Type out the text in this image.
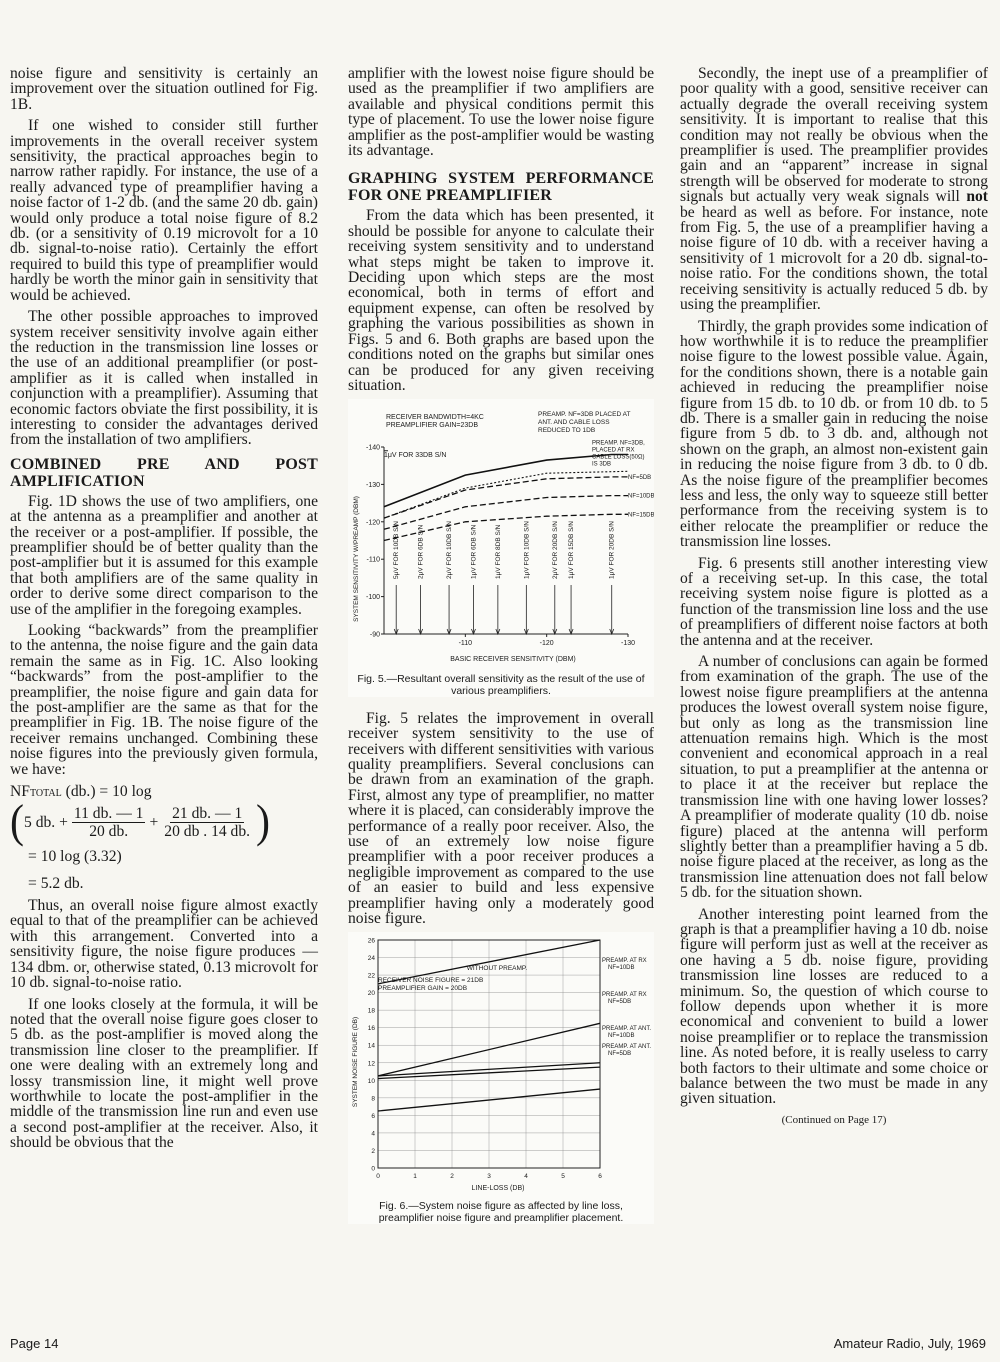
noise figure and sensitivity is certainly an improvement over the situation outlined for Fig. 1B.

If one wished to consider still further improvements in the overall receiver system sensitivity, the practical approaches begin to narrow rather rapidly. For instance, the use of a really advanced type of preamplifier having a noise factor of 1-2 db. (and the same 20 db. gain) would only produce a total noise figure of 8.2 db. (or a sensitivity of 0.19 microvolt for a 10 db. signal-to-noise ratio). Certainly the effort required to build this type of preamplifier would hardly be worth the minor gain in sensitivity that would be achieved.

The other possible approaches to improved system receiver sensitivity involve again either the reduction in the transmission line losses or the use of an additional preamplifier (or post-amplifier as it is called when installed in conjunction with a preamplifier). Assuming that economic factors obviate the first possibility, it is interesting to consider the advantages derived from the installation of two amplifiers.

COMBINED PRE AND POST AMPLIFICATION

Fig. 1D shows the use of two amplifiers, one at the antenna as a preamplifier and another at the receiver or a post-amplifier. If possible, the preamplifier should be of better quality than the post-amplifier but it is assumed for this example that both amplifiers are of the same quality in order to derive some direct comparison to the use of the amplifier in the foregoing examples.

Looking “backwards” from the preamplifier to the antenna, the noise figure and the gain data remain the same as in Fig. 1C. Also looking “backwards” from the post-amplifier to the preamplifier, the noise figure and gain data for the post-amplifier are the same as that for the preamplifier in Fig. 1B. The noise figure of the receiver remains unchanged. Combining these noise figures into the previously given formula, we have:

NFTOTAL (db.) = 10 log
( 5 db. + $\frac{11 db. — 1}{20 db.} + \frac{21 db. — 1}{20 db . 14 db.}$ )
= 10 log (3.32)
= 5.2 db.

Thus, an overall noise figure almost exactly equal to that of the preamplifier can be achieved with this arrangement. Converted into a sensitivity figure, the noise figure produces —134 dbm. or, otherwise stated, 0.13 microvolt for 10 db. signal-to-noise ratio.

If one looks closely at the formula, it will be noted that the overall noise figure goes closer to 5 db. as the post-amplifier is moved along the transmission line closer to the preamplifier. If one were dealing with an extremely long and lossy transmission line, it might well prove worthwhile to locate the post-amplifier in the middle of the transmission line run and even use a second post-amplifier at the receiver. Also, it should be obvious that the

amplifier with the lowest noise figure should be used as the preamplifier if two amplifiers are available and physical conditions permit this type of placement. To use the lower noise figure amplifier as the post-amplifier would be wasting its advantage.

GRAPHING SYSTEM PERFORMANCE FOR ONE PREAMPLIFIER

From the data which has been presented, it should be possible for anyone to calculate their receiving system sensitivity and to understand what steps might be taken to improve it. Deciding upon which steps are the most economical, both in terms of effort and equipment expense, can often be resolved by graphing the various possibilities as shown in Figs. 5 and 6. Both graphs are based upon the conditions noted on the graphs but similar ones can be produced for any given receiving situation.

5μV FOR 10DB S/N	2μV FOR 6DB S/N	2μV FOR 10DB S/N	1μV FOR 6DB S/N	1μV FOR 8DB S/N	1μV FOR 10DB S/N	2μV FOR 20DB S/N 1μV FOR 15DB S/N	1μV FOR 20DB S/N
PREAMP. NF=3DB, PLACED AT RX CABLE LOSS(50Ω) IS 3DB
NF=5DB
NF=10DB
NF=15DB
-140
-130
-120
-110
-100
-90
-110	-120	-130
RECEIVER BANDWIDTH=4KC
PREAMPLIFIER GAIN=23DB
1μV FOR 33DB S/N
PREAMP. NF=3DB PLACED AT ANT. AND CABLE LOSS REDUCED TO 1DB
SYSTEM SENSITIVITY W/PREAMP (DBM)
BASIC RECEIVER SENSITIVITY (DBM)
Fig. 5.—Resultant overall sensitivity as the result of the use of various preamplifiers.

Fig. 5 relates the improvement in overall receiver system sensitivity to the use of receivers with different sensitivities with various quality preamplifiers. Several conclusions can be drawn from an examination of the graph. First, almost any type of preamplifier, no matter where it is placed, can considerably improve the performance of a really poor receiver. Also, the use of an extremely low noise figure preamplifier with a poor receiver produces a negligible improvement as compared to the use of an easier to build and less expensive preamplifier having only a moderately good noise figure.

WITHOUT PREAMP.
PREAMP. AT RX NF=10DB
PREAMP. AT RX NF=5DB
PREAMP. AT ANT. NF=10DB
PREAMP. AT ANT. NF=5DB
0
2
4
6
8
10
12
14
16
18
20
22
24
26
0	1	2	3	4	5	6
RECEIVER NOISE FIGURE = 21DB
PREAMPLIFIER GAIN = 20DB
SYSTEM NOISE FIGURE (DB)
LINE-LOSS (DB)
Fig. 6.—System noise figure as affected by line loss, preamplifier noise figure and preamplifier placement.

Secondly, the inept use of a preamplifier of poor quality with a good, sensitive receiver can actually degrade the overall receiving system sensitivity. It is important to realise that this condition may not really be obvious when the preamplifier is used. The preamplifier provides gain and an “apparent” increase in signal strength will be observed for moderate to strong signals but actually very weak signals will not be heard as well as before. For instance, note from Fig. 5, the use of a preamplifier having a noise figure of 10 db. with a receiver having a sensitivity of 1 microvolt for a 20 db. signal-to-noise ratio. For the conditions shown, the total receiving sensitivity is actually reduced 5 db. by using the preamplifier.

Thirdly, the graph provides some indication of how worthwhile it is to reduce the preamplifier noise figure to the lowest possible value. Again, for the conditions shown, there is a notable gain achieved in reducing the preamplifier noise figure from 15 db. to 10 db. or from 10 db. to 5 db. There is a smaller gain in reducing the noise figure from 5 db. to 3 db. and, although not shown on the graph, an almost non-existent gain in reducing the noise figure from 3 db. to 0 db. As the noise figure of the preamplifier becomes less and less, the only way to squeeze still better performance from the receiving system is to either relocate the preamplifier or reduce the transmission line losses.

Fig. 6 presents still another interesting view of a receiving set-up. In this case, the total receiving system noise figure is plotted as a function of the transmission line loss and the use of preamplifiers of different noise factors at both the antenna and at the receiver.

A number of conclusions can again be formed from examination of the graph. The use of the lowest noise figure preamplifiers at the antenna produces the lowest overall system noise figure, but only as long as the transmission line attenuation remains high. Which is the most convenient and economical approach in a real situation, to put a preamplifier at the antenna or to place it at the receiver but replace the transmission line with one having lower losses? A preamplifier of moderate quality (10 db. noise figure) placed at the antenna will perform slightly better than a preamplifier having a 5 db. noise figure placed at the receiver, as long as the transmission line attenuation does not fall below 5 db. for the situation shown.

Another interesting point learned from the graph is that a preamplifier having a 10 db. noise figure will perform just as well at the receiver as one having a 5 db. noise figure, providing transmission line losses are reduced to a minimum. So, the question of which course to follow depends upon whether it is more economical and convenient to build a lower noise preamplifier or to replace the transmission line. As noted before, it is really useless to carry both factors to their ultimate and some choice or balance between the two must be made in any given situation.

(Continued on Page 17)

Page 14	Amateur Radio, July, 1969
